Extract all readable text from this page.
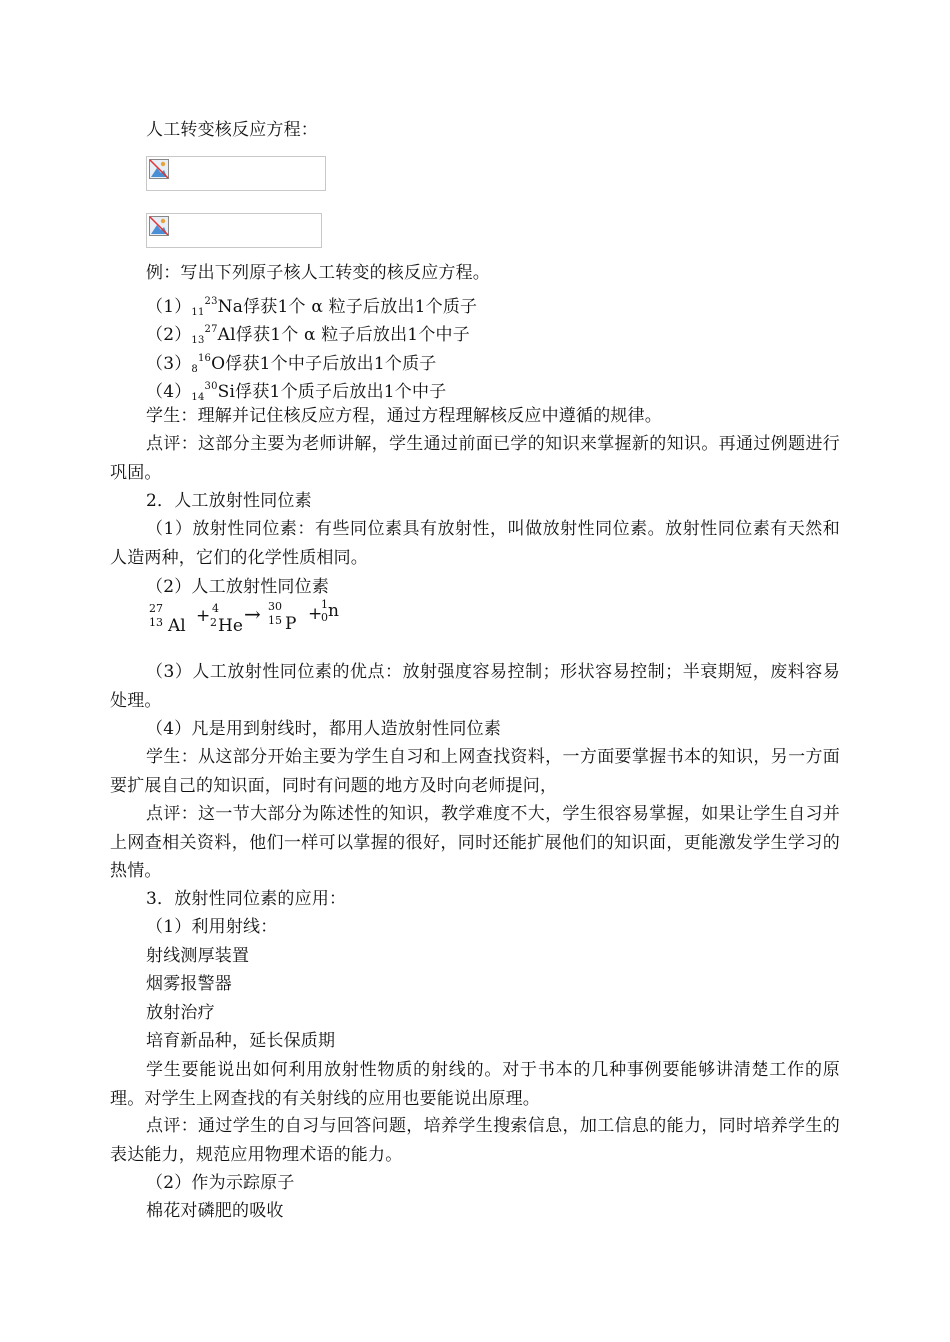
人工转变核反应方程：

例：写出下列原子核人工转变的核反应方程。

$(1)_{11}^{23}Na$俘获1个 α 粒子后放出1个质子

$(2)_{13}^{27}Al$俘获1个 α 粒子后放出1个中子

$(3)_8^{16}O$俘获1个中子后放出1个质子

$(4)_{14}^{30}Si$俘获1个质子后放出1个中子

学生：理解并记住核反应方程，通过方程理解核反应中遵循的规律。

点评：这部分主要为老师讲解，学生通过前面已学的知识来掌握新的知识。再通过例题进行巩固。

2．人工放射性同位素

（1）放射性同位素：有些同位素具有放射性，叫做放射性同位素。放射性同位素有天然和人造两种，它们的化学性质相同。

（2）人工放射性同位素

27
13 Al + 4
2 He → 30
15 P +
1
0 n

（3）人工放射性同位素的优点：放射强度容易控制；形状容易控制；半衰期短，废料容易处理。

（4）凡是用到射线时，都用人造放射性同位素

学生：从这部分开始主要为学生自习和上网查找资料，一方面要掌握书本的知识，另一方面要扩展自己的知识面，同时有问题的地方及时向老师提问，

点评：这一节大部分为陈述性的知识，教学难度不大，学生很容易掌握，如果让学生自习并上网查相关资料，他们一样可以掌握的很好，同时还能扩展他们的知识面，更能激发学生学习的热情。

3．放射性同位素的应用：

（1）利用射线：

射线测厚装置

烟雾报警器

放射治疗

培育新品种，延长保质期

学生要能说出如何利用放射性物质的射线的。对于书本的几种事例要能够讲清楚工作的原理。对学生上网查找的有关射线的应用也要能说出原理。

点评：通过学生的自习与回答问题，培养学生搜索信息，加工信息的能力，同时培养学生的表达能力，规范应用物理术语的能力。

（2）作为示踪原子

棉花对磷肥的吸收
